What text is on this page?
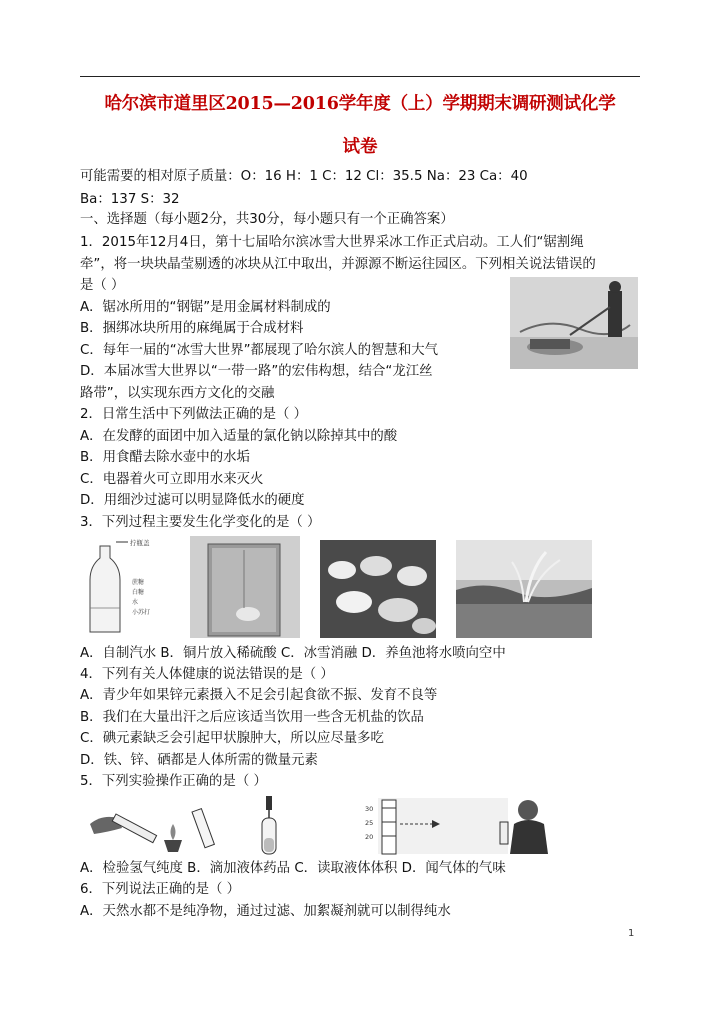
哈尔滨市道里区2015—2016学年度（上）学期期末调研测试化学
试卷
可能需要的相对原子质量：O：16 H：1 C：12 Cl：35.5 Na：23 Ca：40
Ba：137 S：32
一、选择题（每小题2分，共30分，每小题只有一个正确答案）
1．2015年12月4日，第十七届哈尔滨冰雪大世界采冰工作正式启动。工人们“锯割绳
牵”，将一块块晶莹剔透的冰块从江中取出，并源源不断运往园区。下列相关说法错误的
是（ ）
A．锯冰所用的“钢锯”是用金属材料制成的
B．捆绑冰块所用的麻绳属于合成材料
C．每年一届的“冰雪大世界”都展现了哈尔滨人的智慧和大气
D．本届冰雪大世界以“一带一路”的宏伟构想，结合“龙江丝
路带”，以实现东西方文化的交融
2．日常生活中下列做法正确的是（ ）
A．在发酵的面团中加入适量的氯化钠以除掉其中的酸
B．用食醋去除水壶中的水垢
C．电器着火可立即用水来灭火
D．用细沙过滤可以明显降低水的硬度
3．下列过程主要发生化学变化的是（ ）
拧瓶盖
蔗糖
白糖
水
小苏打
A．自制汽水 B．铜片放入稀硫酸 C．冰雪消融 D．养鱼池将水喷向空中
4．下列有关人体健康的说法错误的是（ ）
A．青少年如果锌元素摄入不足会引起食欲不振、发育不良等
B．我们在大量出汗之后应该适当饮用一些含无机盐的饮品
C．碘元素缺乏会引起甲状腺肿大，所以应尽量多吃
D．铁、锌、硒都是人体所需的微量元素
5．下列实验操作正确的是（ ）
30
25
20
A．检验氢气纯度 B．滴加液体药品 C．读取液体体积 D．闻气体的气味
6．下列说法正确的是（ ）
A．天然水都不是纯净物，通过过滤、加絮凝剂就可以制得纯水
1
